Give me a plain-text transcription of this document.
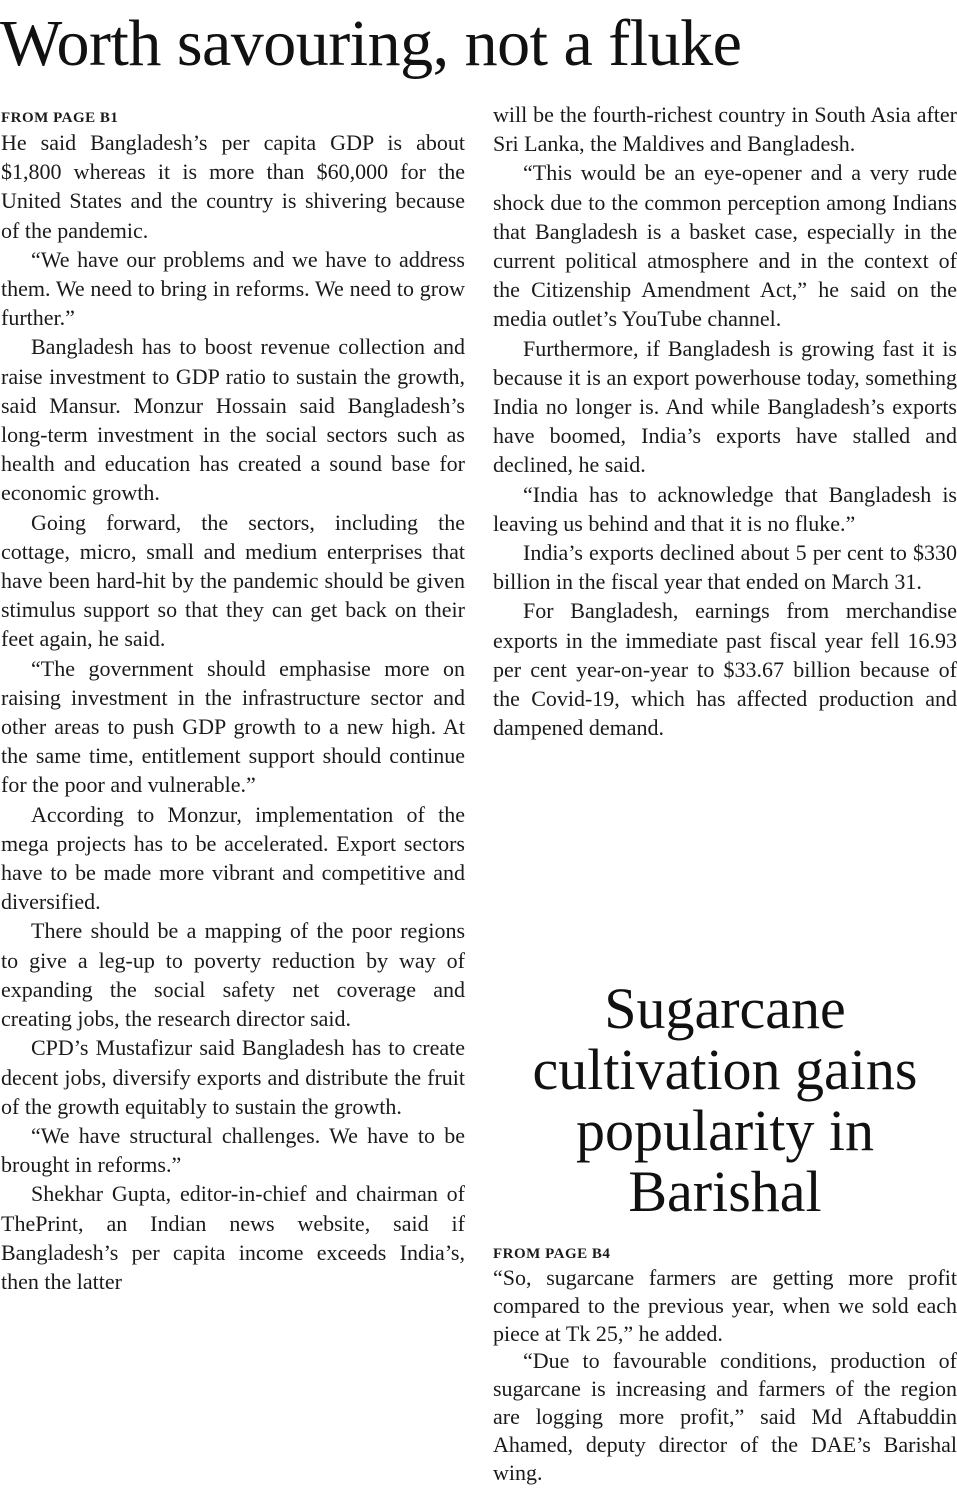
Worth savouring, not a fluke
FROM PAGE B1

He said Bangladesh’s per capita GDP is about $1,800 whereas it is more than $60,000 for the United States and the country is shivering because of the pandemic.

“We have our problems and we have to address them. We need to bring in reforms. We need to grow further.”

Bangladesh has to boost revenue collection and raise investment to GDP ratio to sustain the growth, said Mansur. Monzur Hossain said Bangladesh’s long-term investment in the social sectors such as health and education has created a sound base for economic growth.

Going forward, the sectors, including the cottage, micro, small and medium enterprises that have been hard-hit by the pandemic should be given stimulus support so that they can get back on their feet again, he said.

“The government should emphasise more on raising investment in the infrastructure sector and other areas to push GDP growth to a new high. At the same time, entitlement support should continue for the poor and vulnerable.”

According to Monzur, implementation of the mega projects has to be accelerated. Export sectors have to be made more vibrant and competitive and diversified.

There should be a mapping of the poor regions to give a leg-up to poverty reduction by way of expanding the social safety net coverage and creating jobs, the research director said.

CPD’s Mustafizur said Bangladesh has to create decent jobs, diversify exports and distribute the fruit of the growth equitably to sustain the growth.

“We have structural challenges. We have to be brought in reforms.”

Shekhar Gupta, editor-in-chief and chairman of ThePrint, an Indian news website, said if Bangladesh’s per capita income exceeds India’s, then the latter

will be the fourth-richest country in South Asia after Sri Lanka, the Maldives and Bangladesh.

“This would be an eye-opener and a very rude shock due to the common perception among Indians that Bangladesh is a basket case, especially in the current political atmosphere and in the context of the Citizenship Amendment Act,” he said on the media outlet’s YouTube channel.

Furthermore, if Bangladesh is growing fast it is because it is an export powerhouse today, something India no longer is. And while Bangladesh’s exports have boomed, India’s exports have stalled and declined, he said.

“India has to acknowledge that Bangladesh is leaving us behind and that it is no fluke.”

India’s exports declined about 5 per cent to $330 billion in the fiscal year that ended on March 31.

For Bangladesh, earnings from merchandise exports in the immediate past fiscal year fell 16.93 per cent year-on-year to $33.67 billion because of the Covid-19, which has affected production and dampened demand.

Sugarcane
cultivation gains
popularity in
Barishal
FROM PAGE B4

“So, sugarcane farmers are getting more profit compared to the previous year, when we sold each piece at Tk 25,” he added.

“Due to favourable conditions, production of sugarcane is increasing and farmers of the region are logging more profit,” said Md Aftabuddin Ahamed, deputy director of the DAE’s Barishal wing.
